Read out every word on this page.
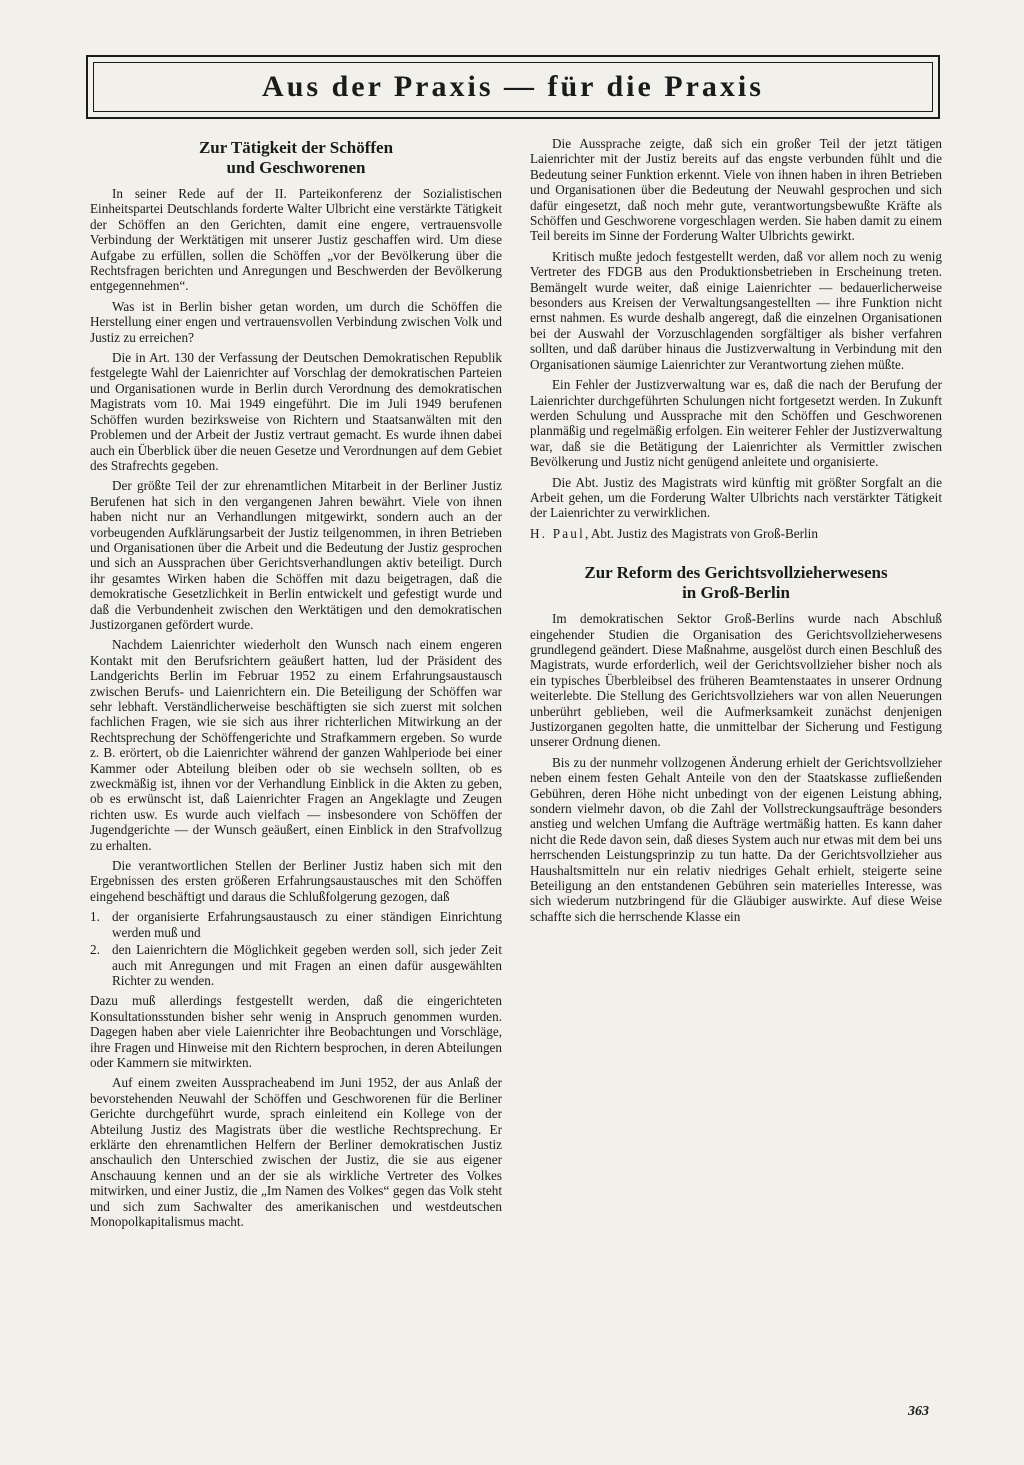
Aus der Praxis — für die Praxis
Zur Tätigkeit der Schöffen
und Geschworenen

In seiner Rede auf der II. Parteikonferenz der Sozialistischen Einheitspartei Deutschlands forderte Walter Ulbricht eine verstärkte Tätigkeit der Schöffen an den Gerichten, damit eine engere, vertrauensvolle Verbindung der Werktätigen mit unserer Justiz geschaffen wird. Um diese Aufgabe zu erfüllen, sollen die Schöffen „vor der Bevölkerung über die Rechtsfragen berichten und Anregungen und Beschwerden der Bevölkerung entgegennehmen“.

Was ist in Berlin bisher getan worden, um durch die Schöffen die Herstellung einer engen und vertrauensvollen Verbindung zwischen Volk und Justiz zu erreichen?

Die in Art. 130 der Verfassung der Deutschen Demokratischen Republik festgelegte Wahl der Laienrichter auf Vorschlag der demokratischen Parteien und Organisationen wurde in Berlin durch Verordnung des demokratischen Magistrats vom 10. Mai 1949 eingeführt. Die im Juli 1949 berufenen Schöffen wurden bezirksweise von Richtern und Staatsanwälten mit den Problemen und der Arbeit der Justiz vertraut gemacht. Es wurde ihnen dabei auch ein Überblick über die neuen Gesetze und Verordnungen auf dem Gebiet des Strafrechts gegeben.

Der größte Teil der zur ehrenamtlichen Mitarbeit in der Berliner Justiz Berufenen hat sich in den vergangenen Jahren bewährt. Viele von ihnen haben nicht nur an Verhandlungen mitgewirkt, sondern auch an der vorbeugenden Aufklärungsarbeit der Justiz teilgenommen, in ihren Betrieben und Organisationen über die Arbeit und die Bedeutung der Justiz gesprochen und sich an Aussprachen über Gerichtsverhandlungen aktiv beteiligt. Durch ihr gesamtes Wirken haben die Schöffen mit dazu beigetragen, daß die demokratische Gesetzlichkeit in Berlin entwickelt und gefestigt wurde und daß die Verbundenheit zwischen den Werktätigen und den demokratischen Justizorganen gefördert wurde.

Nachdem Laienrichter wiederholt den Wunsch nach einem engeren Kontakt mit den Berufsrichtern geäußert hatten, lud der Präsident des Landgerichts Berlin im Februar 1952 zu einem Erfahrungsaustausch zwischen Berufs- und Laienrichtern ein. Die Beteiligung der Schöffen war sehr lebhaft. Verständlicherweise beschäftigten sie sich zuerst mit solchen fachlichen Fragen, wie sie sich aus ihrer richterlichen Mitwirkung an der Rechtsprechung der Schöffengerichte und Strafkammern ergeben. So wurde z. B. erörtert, ob die Laienrichter während der ganzen Wahlperiode bei einer Kammer oder Abteilung bleiben oder ob sie wechseln sollten, ob es zweckmäßig ist, ihnen vor der Verhandlung Einblick in die Akten zu geben, ob es erwünscht ist, daß Laienrichter Fragen an Angeklagte und Zeugen richten usw. Es wurde auch vielfach — insbesondere von Schöffen der Jugendgerichte — der Wunsch geäußert, einen Einblick in den Strafvollzug zu erhalten.

Die verantwortlichen Stellen der Berliner Justiz haben sich mit den Ergebnissen des ersten größeren Erfahrungsaustausches mit den Schöffen eingehend beschäftigt und daraus die Schlußfolgerung gezogen, daß

1. der organisierte Erfahrungsaustausch zu einer ständigen Einrichtung werden muß und
2. den Laienrichtern die Möglichkeit gegeben werden soll, sich jeder Zeit auch mit Anregungen und mit Fragen an einen dafür ausgewählten Richter zu wenden.

Dazu muß allerdings festgestellt werden, daß die eingerichteten Konsultationsstunden bisher sehr wenig in Anspruch genommen wurden. Dagegen haben aber viele Laienrichter ihre Beobachtungen und Vorschläge, ihre Fragen und Hinweise mit den Richtern besprochen, in deren Abteilungen oder Kammern sie mitwirkten.

Auf einem zweiten Ausspracheabend im Juni 1952, der aus Anlaß der bevorstehenden Neuwahl der Schöffen und Geschworenen für die Berliner Gerichte durchgeführt wurde, sprach einleitend ein Kollege von der Abteilung Justiz des Magistrats über die westliche Rechtsprechung. Er erklärte den ehrenamtlichen Helfern der Berliner demokratischen Justiz anschaulich den Unterschied zwischen der Justiz, die sie aus eigener Anschauung kennen und an der sie als wirkliche Vertreter des Volkes mitwirken, und einer Justiz, die „Im Namen des Volkes“ gegen das Volk steht und sich zum Sachwalter des amerikanischen und westdeutschen Monopolkapitalismus macht.

Die Aussprache zeigte, daß sich ein großer Teil der jetzt tätigen Laienrichter mit der Justiz bereits auf das engste verbunden fühlt und die Bedeutung seiner Funktion erkennt. Viele von ihnen haben in ihren Betrieben und Organisationen über die Bedeutung der Neuwahl gesprochen und sich dafür eingesetzt, daß noch mehr gute, verantwortungsbewußte Kräfte als Schöffen und Geschworene vorgeschlagen werden. Sie haben damit zu einem Teil bereits im Sinne der Forderung Walter Ulbrichts gewirkt.

Kritisch mußte jedoch festgestellt werden, daß vor allem noch zu wenig Vertreter des FDGB aus den Produktionsbetrieben in Erscheinung treten. Bemängelt wurde weiter, daß einige Laienrichter — bedauerlicherweise besonders aus Kreisen der Verwaltungsangestellten — ihre Funktion nicht ernst nahmen. Es wurde deshalb angeregt, daß die einzelnen Organisationen bei der Auswahl der Vorzuschlagenden sorgfältiger als bisher verfahren sollten, und daß darüber hinaus die Justizverwaltung in Verbindung mit den Organisationen säumige Laienrichter zur Verantwortung ziehen müßte.

Ein Fehler der Justizverwaltung war es, daß die nach der Berufung der Laienrichter durchgeführten Schulungen nicht fortgesetzt werden. In Zukunft werden Schulung und Aussprache mit den Schöffen und Geschworenen planmäßig und regelmäßig erfolgen. Ein weiterer Fehler der Justizverwaltung war, daß sie die Betätigung der Laienrichter als Vermittler zwischen Bevölkerung und Justiz nicht genügend anleitete und organisierte.

Die Abt. Justiz des Magistrats wird künftig mit größter Sorgfalt an die Arbeit gehen, um die Forderung Walter Ulbrichts nach verstärkter Tätigkeit der Laienrichter zu verwirklichen.

H. Paul, Abt. Justiz des Magistrats von Groß-Berlin

Zur Reform des Gerichtsvollzieherwesens
in Groß-Berlin

Im demokratischen Sektor Groß-Berlins wurde nach Abschluß eingehender Studien die Organisation des Gerichtsvollzieherwesens grundlegend geändert. Diese Maßnahme, ausgelöst durch einen Beschluß des Magistrats, wurde erforderlich, weil der Gerichtsvollzieher bisher noch als ein typisches Überbleibsel des früheren Beamtenstaates in unserer Ordnung weiterlebte. Die Stellung des Gerichtsvollziehers war von allen Neuerungen unberührt geblieben, weil die Aufmerksamkeit zunächst denjenigen Justizorganen gegolten hatte, die unmittelbar der Sicherung und Festigung unserer Ordnung dienen.

Bis zu der nunmehr vollzogenen Änderung erhielt der Gerichtsvollzieher neben einem festen Gehalt Anteile von den der Staatskasse zufließenden Gebühren, deren Höhe nicht unbedingt von der eigenen Leistung abhing, sondern vielmehr davon, ob die Zahl der Vollstreckungsaufträge besonders anstieg und welchen Umfang die Aufträge wertmäßig hatten. Es kann daher nicht die Rede davon sein, daß dieses System auch nur etwas mit dem bei uns herrschenden Leistungsprinzip zu tun hatte. Da der Gerichtsvollzieher aus Haushaltsmitteln nur ein relativ niedriges Gehalt erhielt, steigerte seine Beteiligung an den entstandenen Gebühren sein materielles Interesse, was sich wiederum nutzbringend für die Gläubiger auswirkte. Auf diese Weise schaffte sich die herrschende Klasse ein

363
